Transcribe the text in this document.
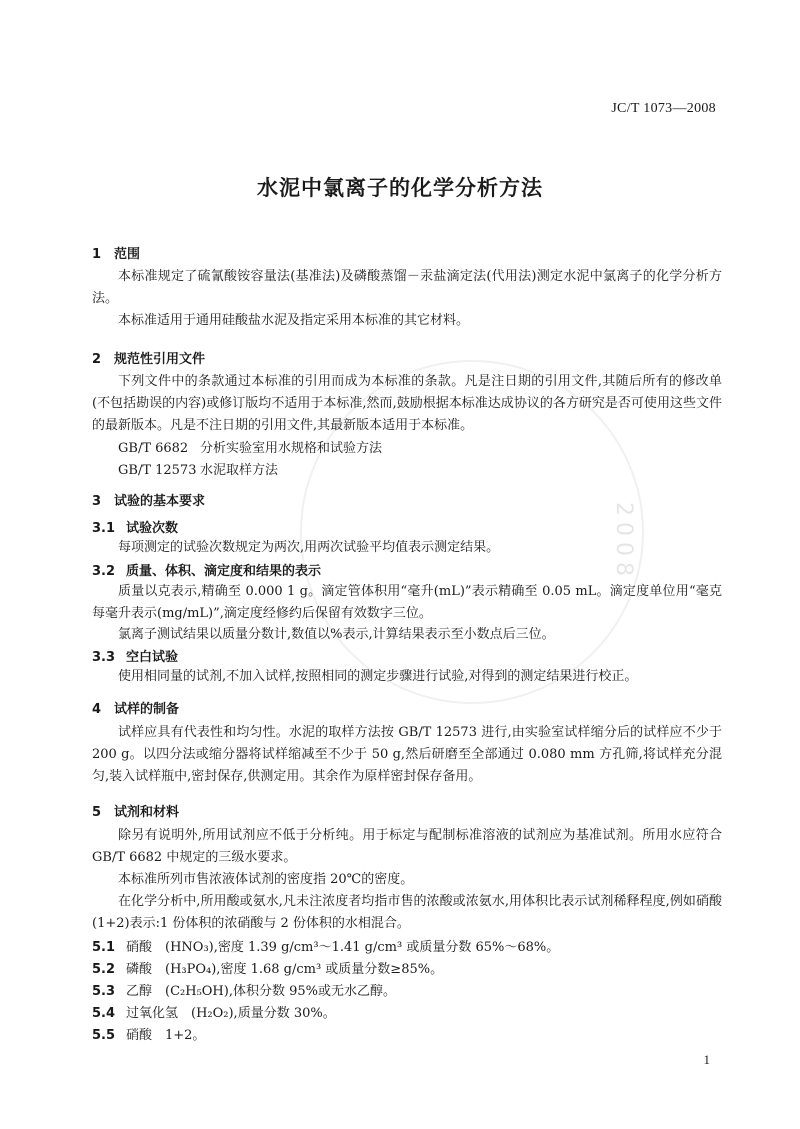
2008
JC/T 1073—2008
水泥中氯离子的化学分析方法
1 范围
本标准规定了硫氰酸铵容量法(基准法)及磷酸蒸馏－汞盐滴定法(代用法)测定水泥中氯离子的化学分析方法。
本标准适用于通用硅酸盐水泥及指定采用本标准的其它材料。
2 规范性引用文件
下列文件中的条款通过本标准的引用而成为本标准的条款。凡是注日期的引用文件,其随后所有的修改单(不包括勘误的内容)或修订版均不适用于本标准,然而,鼓励根据本标准达成协议的各方研究是否可使用这些文件的最新版本。凡是不注日期的引用文件,其最新版本适用于本标准。
GB/T 6682 分析实验室用水规格和试验方法
GB/T 12573 水泥取样方法
3 试验的基本要求
3.1 试验次数
每项测定的试验次数规定为两次,用两次试验平均值表示测定结果。
3.2 质量、体积、滴定度和结果的表示
质量以克表示,精确至 0.000 1 g。滴定管体积用“毫升(mL)”表示精确至 0.05 mL。滴定度单位用“毫克每毫升表示(mg/mL)”,滴定度经修约后保留有效数字三位。
氯离子测试结果以质量分数计,数值以%表示,计算结果表示至小数点后三位。
3.3 空白试验
使用相同量的试剂,不加入试样,按照相同的测定步骤进行试验,对得到的测定结果进行校正。
4 试样的制备
试样应具有代表性和均匀性。水泥的取样方法按 GB/T 12573 进行,由实验室试样缩分后的试样应不少于 200 g。以四分法或缩分器将试样缩减至不少于 50 g,然后研磨至全部通过 0.080 mm 方孔筛,将试样充分混匀,装入试样瓶中,密封保存,供测定用。其余作为原样密封保存备用。
5 试剂和材料
除另有说明外,所用试剂应不低于分析纯。用于标定与配制标准溶液的试剂应为基准试剂。所用水应符合 GB/T 6682 中规定的三级水要求。
本标准所列市售浓液体试剂的密度指 20℃的密度。
在化学分析中,所用酸或氨水,凡未注浓度者均指市售的浓酸或浓氨水,用体积比表示试剂稀释程度,例如硝酸(1+2)表示:1 份体积的浓硝酸与 2 份体积的水相混合。
5.1 硝酸　(HNO₃),密度 1.39 g/cm³～1.41 g/cm³ 或质量分数 65%～68%。
5.2 磷酸　(H₃PO₄),密度 1.68 g/cm³ 或质量分数≥85%。
5.3 乙醇　(C₂H₅OH),体积分数 95%或无水乙醇。
5.4 过氧化氢　(H₂O₂),质量分数 30%。
5.5 硝酸　1+2。
1
